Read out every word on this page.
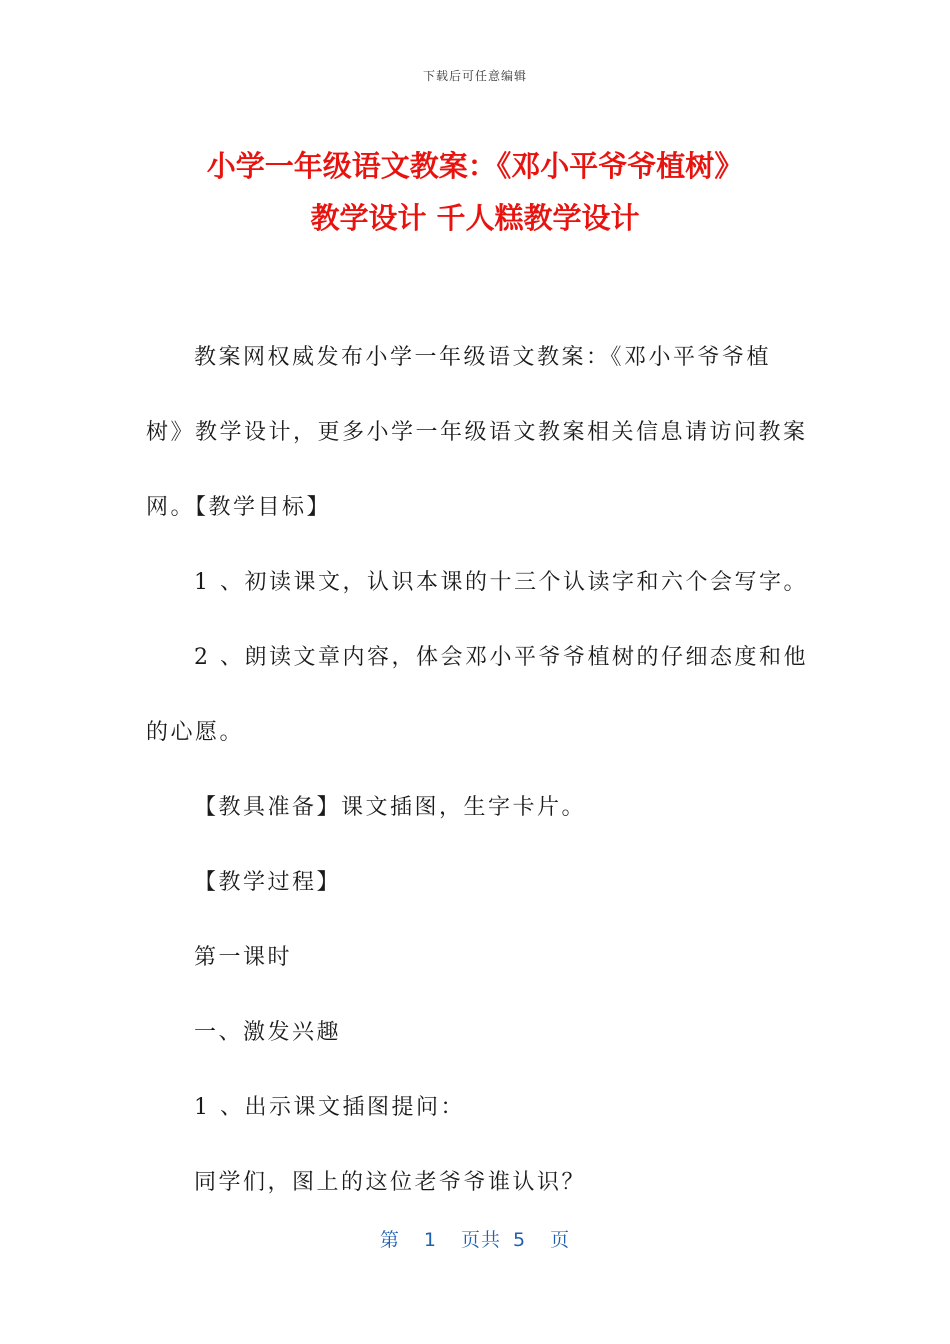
下载后可任意编辑
小学一年级语文教案：《邓小平爷爷植树》
教学设计 千人糕教学设计

教案网权威发布小学一年级语文教案：《邓小平爷爷植

树》教学设计，更多小学一年级语文教案相关信息请访问教案

网。【教学目标】

1 、初读课文，认识本课的十三个认读字和六个会写字。

2 、朗读文章内容，体会邓小平爷爷植树的仔细态度和他

的心愿。

【教具准备】课文插图，生字卡片。

【教学过程】

第一课时

一、激发兴趣

1 、出示课文插图提问：

同学们，图上的这位老爷爷谁认识？

第 1 页共 5 页
